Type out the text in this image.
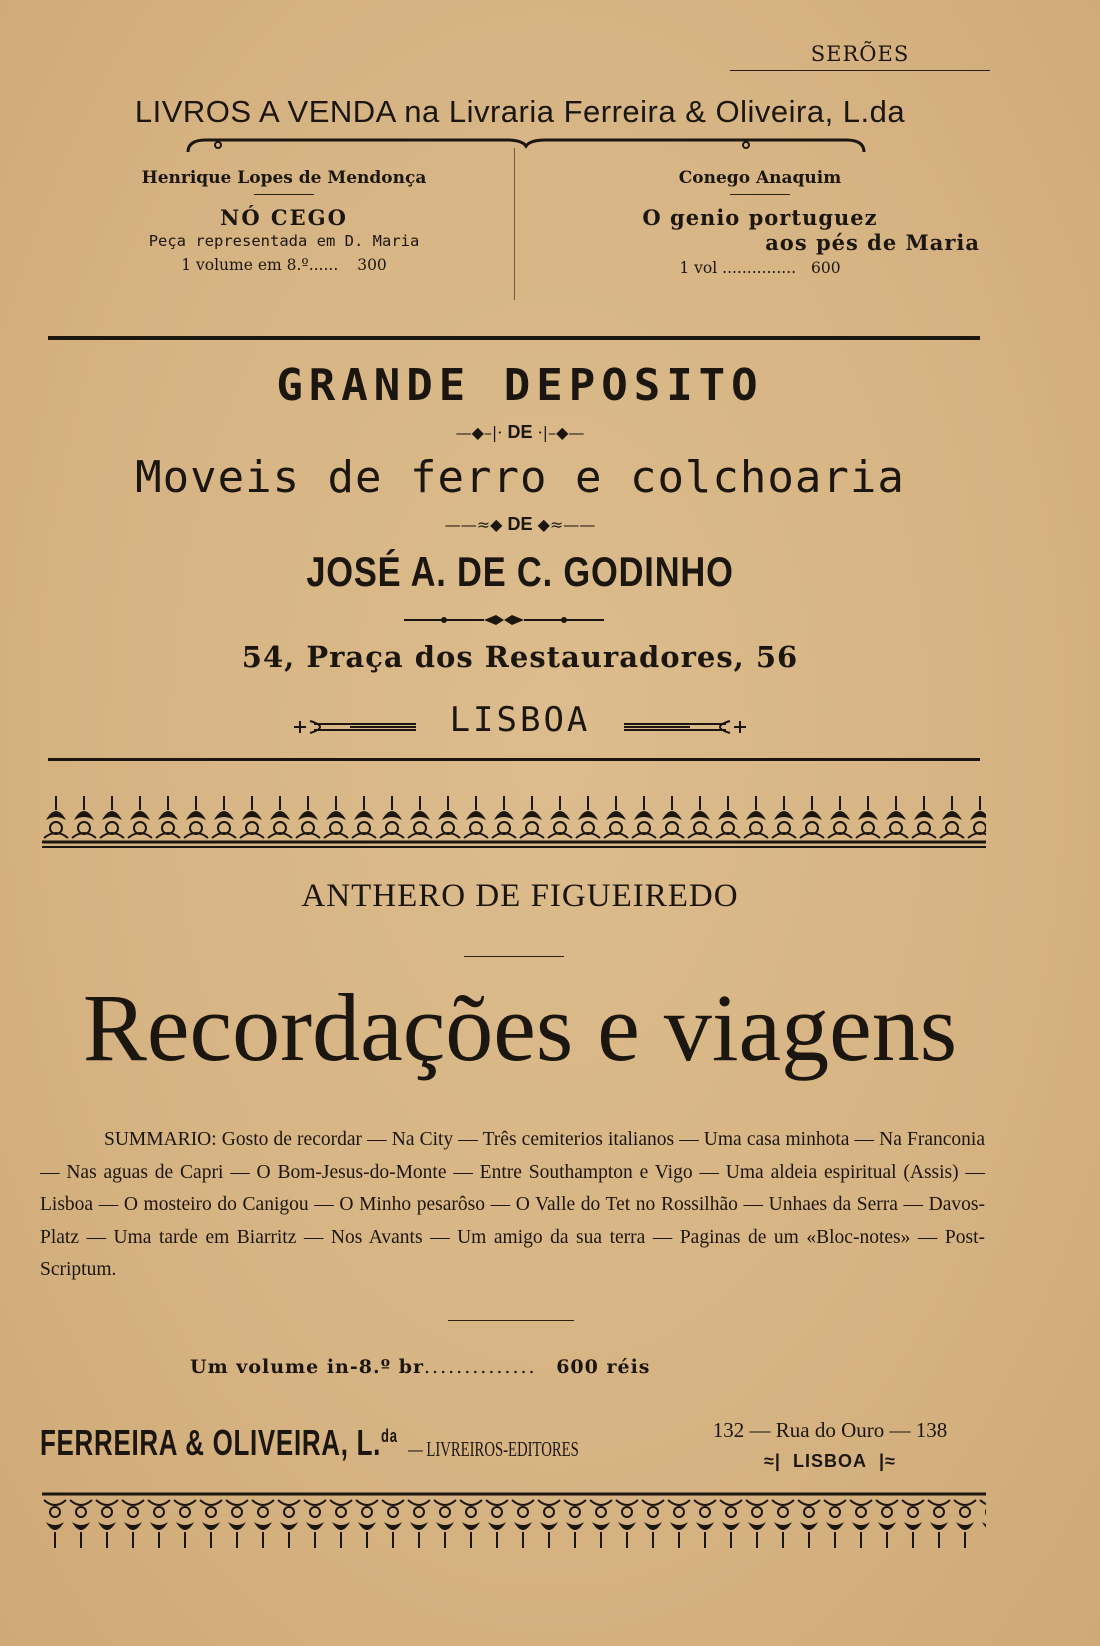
SERÕES
LIVROS A VENDA na Livraria Ferreira & Oliveira, L.da
Henrique Lopes de Mendonça
NÓ CEGO
Peça representada em D. Maria
1 volume em 8.º...... 300
Conego Anaquim
O genio portuguez
aos pés de Maria
1 vol ............... 600
GRANDE DEPOSITO
—◆–|· DE ·|–◆—
Moveis de ferro e colchoaria
——≈◆ DE ◆≈——
JOSÉ A. DE C. GODINHO
54, Praça dos Restauradores, 56
LISBOA
ANTHERO DE FIGUEIREDO
Recordações e viagens
SUMMARIO: Gosto de recordar — Na City — Três cemiterios italianos — Uma casa minhota — Na Franconia — Nas aguas de Capri — O Bom-Jesus-do-Monte — Entre Southampton e Vigo — Uma aldeia espiritual (Assis) — Lisboa — O mosteiro do Canigou — O Minho pesarôso — O Valle do Tet no Rossilhão — Unhaes da Serra — Davos-Platz — Uma tarde em Biarritz — Nos Avants — Um amigo da sua terra — Paginas de um «Bloc-notes» — Post-Scriptum.
Um volume in-8.º br.............. 600 réis
FERREIRA & OLIVEIRA, L.$^{da}$
— LIVREIROS-EDITORES
132 — Rua do Ouro — 138
≈| LISBOA |≈
